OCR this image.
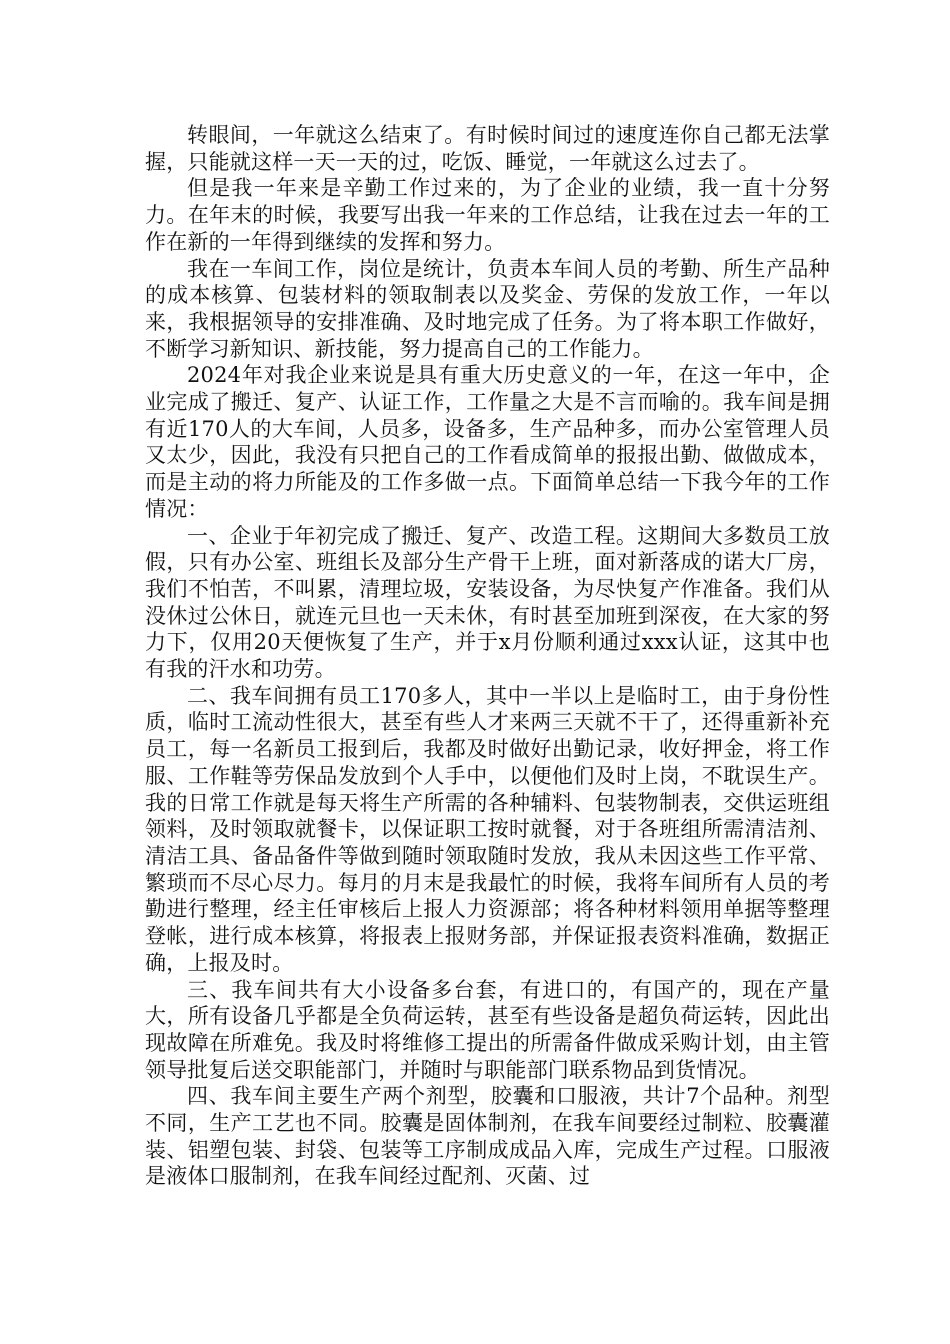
转眼间，一年就这么结束了。有时候时间过的速度连你自己都无法掌握，只能就这样一天一天的过，吃饭、睡觉，一年就这么过去了。

但是我一年来是辛勤工作过来的，为了企业的业绩，我一直十分努力。在年末的时候，我要写出我一年来的工作总结，让我在过去一年的工作在新的一年得到继续的发挥和努力。

我在一车间工作，岗位是统计，负责本车间人员的考勤、所生产品种的成本核算、包装材料的领取制表以及奖金、劳保的发放工作，一年以来，我根据领导的安排准确、及时地完成了任务。为了将本职工作做好，不断学习新知识、新技能，努力提高自己的工作能力。

2024年对我企业来说是具有重大历史意义的一年，在这一年中，企业完成了搬迁、复产、认证工作，工作量之大是不言而喻的。我车间是拥有近170人的大车间，人员多，设备多，生产品种多，而办公室管理人员又太少，因此，我没有只把自己的工作看成简单的报报出勤、做做成本，而是主动的将力所能及的工作多做一点。下面简单总结一下我今年的工作情况：

一、企业于年初完成了搬迁、复产、改造工程。这期间大多数员工放假，只有办公室、班组长及部分生产骨干上班，面对新落成的诺大厂房，我们不怕苦，不叫累，清理垃圾，安装设备，为尽快复产作准备。我们从没休过公休日，就连元旦也一天未休，有时甚至加班到深夜，在大家的努力下，仅用20天便恢复了生产，并于x月份顺利通过xxx认证，这其中也有我的汗水和功劳。

二、我车间拥有员工170多人，其中一半以上是临时工，由于身份性质，临时工流动性很大，甚至有些人才来两三天就不干了，还得重新补充员工，每一名新员工报到后，我都及时做好出勤记录，收好押金，将工作服、工作鞋等劳保品发放到个人手中，以便他们及时上岗，不耽误生产。我的日常工作就是每天将生产所需的各种辅料、包装物制表，交供运班组领料，及时领取就餐卡，以保证职工按时就餐，对于各班组所需清洁剂、清洁工具、备品备件等做到随时领取随时发放，我从未因这些工作平常、繁琐而不尽心尽力。每月的月末是我最忙的时候，我将车间所有人员的考勤进行整理，经主任审核后上报人力资源部；将各种材料领用单据等整理登帐，进行成本核算，将报表上报财务部，并保证报表资料准确，数据正确，上报及时。

三、我车间共有大小设备多台套，有进口的，有国产的，现在产量大，所有设备几乎都是全负荷运转，甚至有些设备是超负荷运转，因此出现故障在所难免。我及时将维修工提出的所需备件做成采购计划，由主管领导批复后送交职能部门，并随时与职能部门联系物品到货情况。

四、我车间主要生产两个剂型，胶囊和口服液，共计7个品种。剂型不同，生产工艺也不同。胶囊是固体制剂，在我车间要经过制粒、胶囊灌装、铝塑包装、封袋、包装等工序制成成品入库，完成生产过程。口服液是液体口服制剂，在我车间经过配剂、灭菌、过
